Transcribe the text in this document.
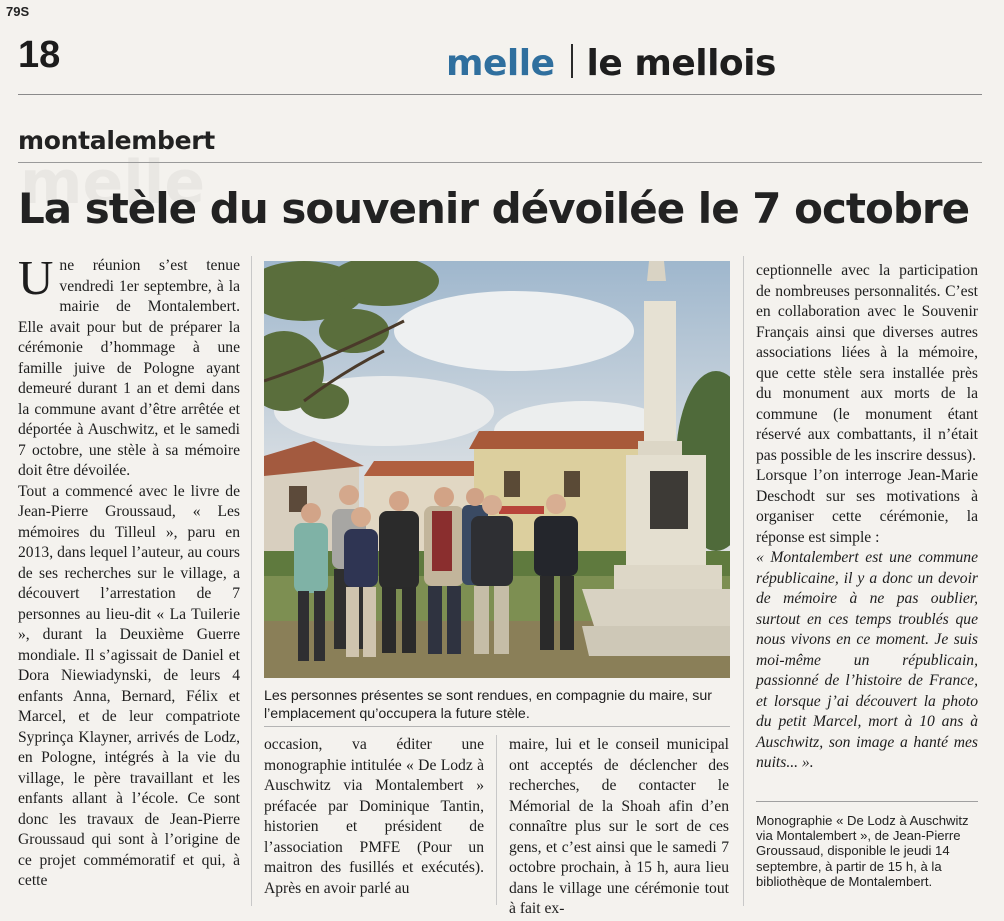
79S
18	melle le mellois
montalembert
La stèle du souvenir dévoilée le 7 octobre

Une réunion s’est tenue vendredi 1er septembre, à la mairie de Montalembert. Elle avait pour but de préparer la cérémonie d’hommage à une famille juive de Pologne ayant demeuré durant 1 an et demi dans la commune avant d’être arrêtée et déportée à Auschwitz, et le samedi 7 octobre, une stèle à sa mémoire doit être dévoilée.

Tout a commencé avec le livre de Jean-Pierre Groussaud, « Les mémoires du Tilleul », paru en 2013, dans lequel l’auteur, au cours de ses recherches sur le village, a découvert l’arrestation de 7 personnes au lieu-dit « La Tuilerie », durant la Deuxième Guerre mondiale. Il s’agissait de Daniel et Dora Niewiadynski, de leurs 4 enfants Anna, Bernard, Félix et Marcel, et de leur compatriote Syprinça Klayner, arrivés de Lodz, en Pologne, intégrés à la vie du village, le père travaillant et les enfants allant à l’école. Ce sont donc les travaux de Jean-Pierre Groussaud qui sont à l’origine de ce projet commémoratif et qui, à cette

Les personnes présentes se sont rendues, en compagnie du maire, sur l’emplacement qu’occupera la future stèle.

occasion, va éditer une monographie intitulée « De Lodz à Auschwitz via Montalembert » préfacée par Dominique Tantin, historien et président de l’association PMFE (Pour un maitron des fusillés et exécutés). Après en avoir parlé au

maire, lui et le conseil municipal ont acceptés de déclencher des recherches, de contacter le Mémorial de la Shoah afin d’en connaître plus sur le sort de ces gens, et c’est ainsi que le samedi 7 octobre prochain, à 15 h, aura lieu dans le village une cérémonie tout à fait ex-

ceptionnelle avec la participation de nombreuses personnalités. C’est en collaboration avec le Souvenir Français ainsi que diverses autres associations liées à la mémoire, que cette stèle sera installée près du monument aux morts de la commune (le monument étant réservé aux combattants, il n’était pas possible de les inscrire dessus).

Lorsque l’on interroge Jean-Marie Deschodt sur ses motivations à organiser cette cérémonie, la réponse est simple :

« Montalembert est une commune républicaine, il y a donc un devoir de mémoire à ne pas oublier, surtout en ces temps troublés que nous vivons en ce moment. Je suis moi-même un républicain, passionné de l’histoire de France, et lorsque j’ai découvert la photo du petit Marcel, mort à 10 ans à Auschwitz, son image a hanté mes nuits... ».

Monographie « De Lodz à Auschwitz via Montalembert », de Jean-Pierre Groussaud, disponible le jeudi 14 septembre, à partir de 15 h, à la bibliothèque de Montalembert.
